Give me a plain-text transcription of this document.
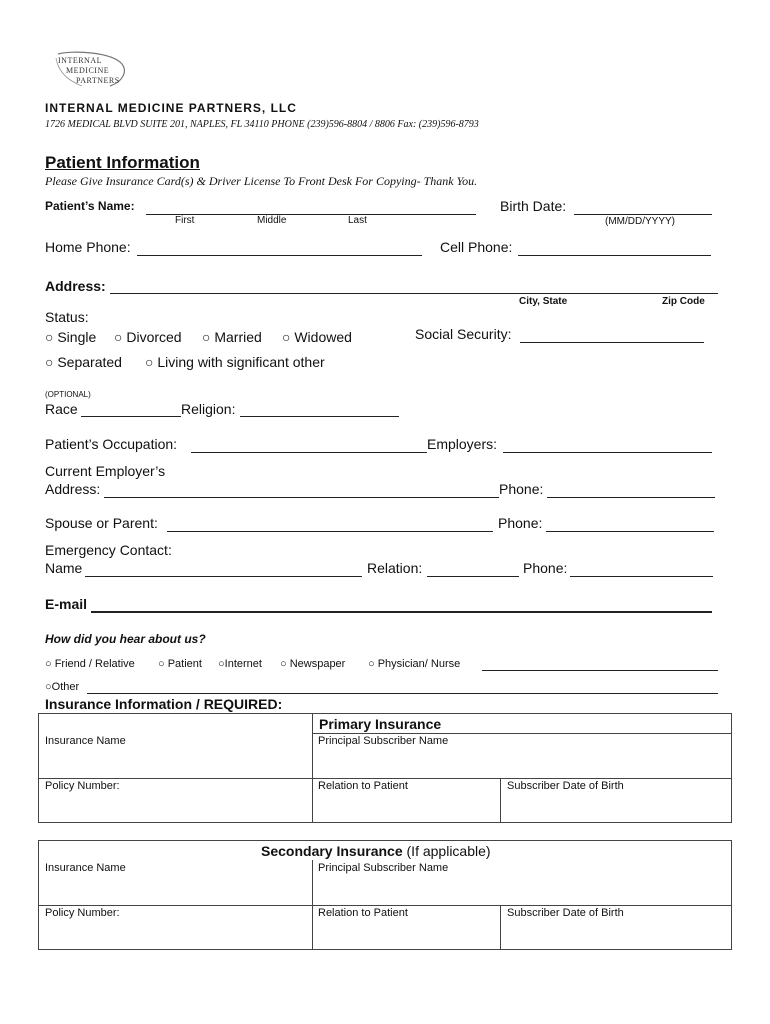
INTERNAL
MEDICINE
PARTNERS
INTERNAL MEDICINE PARTNERS, LLC
1726 MEDICAL BLVD SUITE 201, NAPLES, FL 34110 PHONE (239)596-8804 / 8806 Fax: (239)596-8793
Patient Information
Please Give Insurance Card(s) & Driver License To Front Desk For Copying- Thank You.
Patient’s Name:
First	Middle	Last
Birth Date:
(MM/DD/YYYY)
Home Phone:	Cell Phone:
Address:
City, State	Zip Code
Status:
○ Single ○ Divorced ○ Married ○ Widowed	Social Security:
○ Separated ○ Living with significant other
(OPTIONAL)
Race	Religion:
Patient’s Occupation:	Employers:
Current Employer’s
Address:	Phone:
Spouse or Parent:	Phone:
Emergency Contact:
Name	Relation:	Phone:
E-mail
How did you hear about us?
○ Friend / Relative ○ Patient ○Internet ○ Newspaper ○ Physician/ Nurse
○Other
Insurance Information / REQUIRED:
Primary Insurance
Insurance Name	Principal Subscriber Name
Policy Number:	Relation to Patient	Subscriber Date of Birth
Secondary Insurance (If applicable)
Insurance Name	Principal Subscriber Name
Policy Number:	Relation to Patient	Subscriber Date of Birth
